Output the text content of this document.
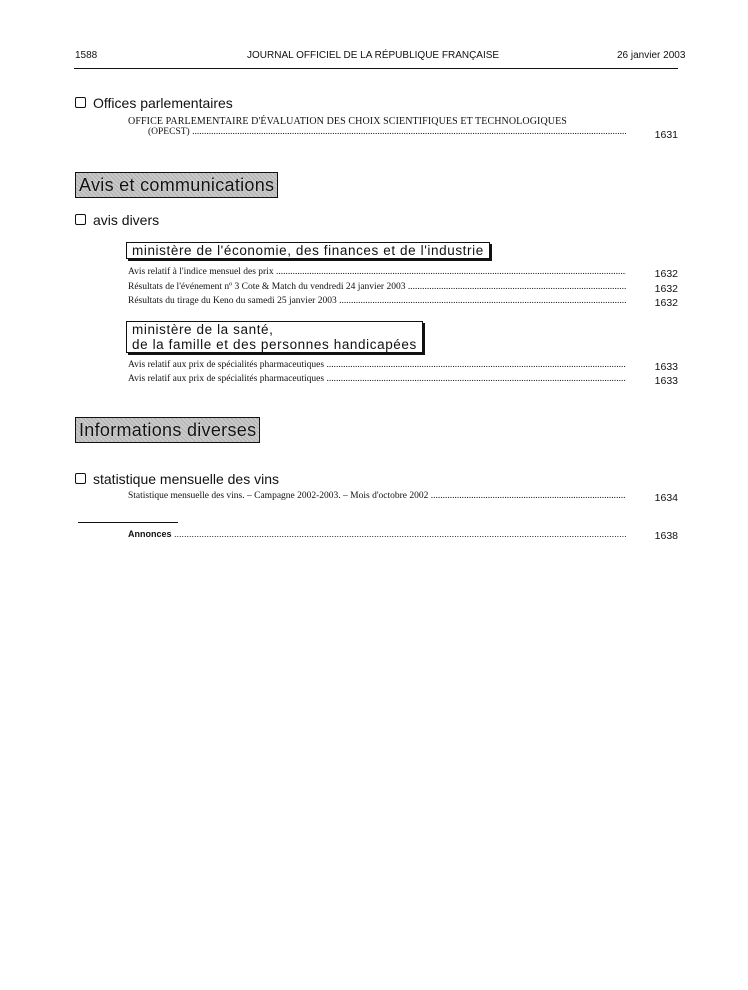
1588	JOURNAL OFFICIEL DE LA RÉPUBLIQUE FRANÇAISE	26 janvier 2003
Offices parlementaires
OFFICE PARLEMENTAIRE D'ÉVALUATION DES CHOIX SCIENTIFIQUES ET TECHNOLOGIQUES
(OPECST) .....	1631
Avis et communications
avis divers
ministère de l'économie, des finances et de l'industrie
Avis relatif à l'indice mensuel des prix .....	1632
Résultats de l'événement nº 3 Cote & Match du vendredi 24 janvier 2003 .....	1632
Résultats du tirage du Keno du samedi 25 janvier 2003 .....	1632
ministère de la santé,
de la famille et des personnes handicapées
Avis relatif aux prix de spécialités pharmaceutiques .....	1633
Avis relatif aux prix de spécialités pharmaceutiques .....	1633
Informations diverses
statistique mensuelle des vins
Statistique mensuelle des vins. – Campagne 2002-2003. – Mois d'octobre 2002 .....	1634
Annonces .....	1638
